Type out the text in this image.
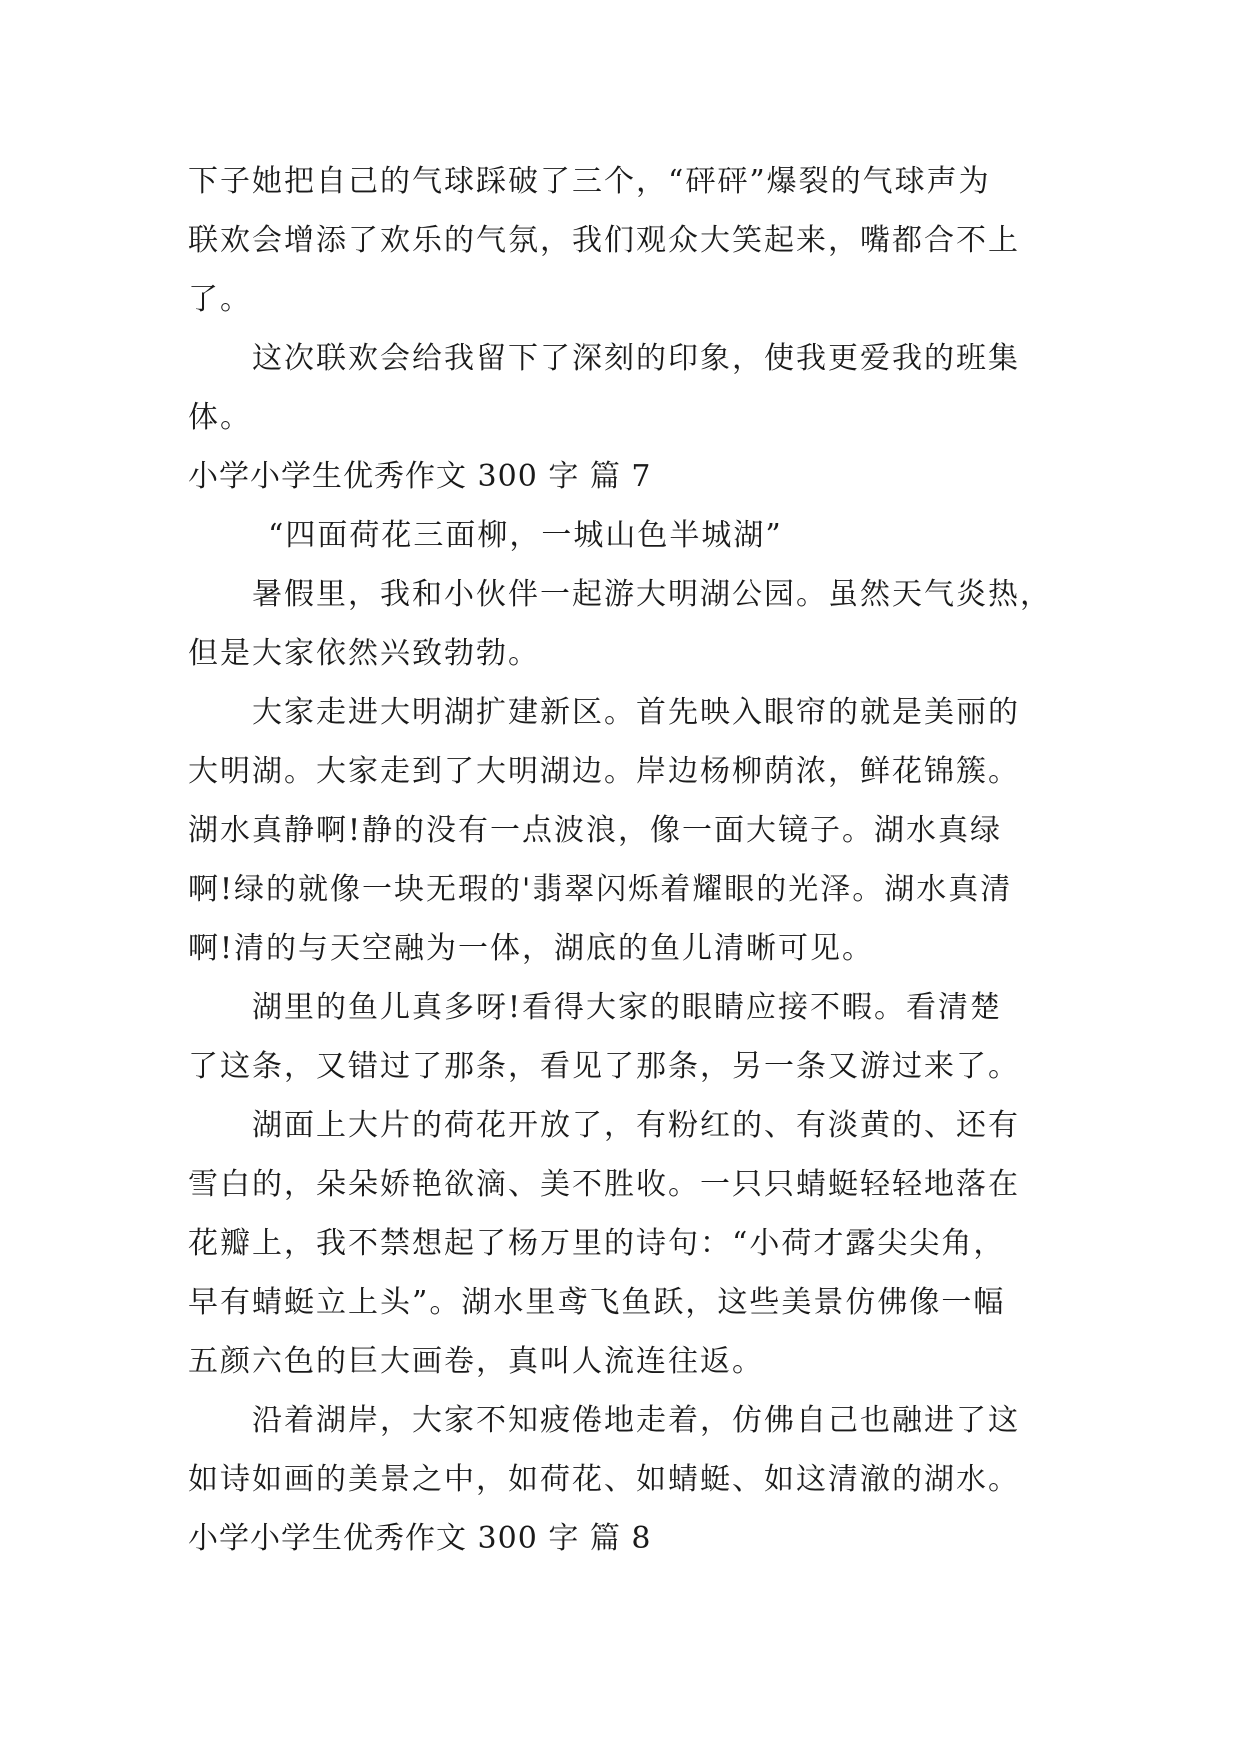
下子她把自己的气球踩破了三个，“砰砰”爆裂的气球声为

联欢会增添了欢乐的气氛，我们观众大笑起来，嘴都合不上

了。

这次联欢会给我留下了深刻的印象，使我更爱我的班集

体。

小学小学生优秀作文 300 字 篇 7

“四面荷花三面柳，一城山色半城湖”

暑假里，我和小伙伴一起游大明湖公园。虽然天气炎热，

但是大家依然兴致勃勃。

大家走进大明湖扩建新区。首先映入眼帘的就是美丽的

大明湖。大家走到了大明湖边。岸边杨柳荫浓，鲜花锦簇。

湖水真静啊!静的没有一点波浪，像一面大镜子。湖水真绿

啊!绿的就像一块无瑕的'翡翠闪烁着耀眼的光泽。湖水真清

啊!清的与天空融为一体，湖底的鱼儿清晰可见。

湖里的鱼儿真多呀!看得大家的眼睛应接不暇。看清楚

了这条，又错过了那条，看见了那条，另一条又游过来了。

湖面上大片的荷花开放了，有粉红的、有淡黄的、还有

雪白的，朵朵娇艳欲滴、美不胜收。一只只蜻蜓轻轻地落在

花瓣上，我不禁想起了杨万里的诗句：“小荷才露尖尖角，

早有蜻蜓立上头”。湖水里鸢飞鱼跃，这些美景仿佛像一幅

五颜六色的巨大画卷，真叫人流连往返。

沿着湖岸，大家不知疲倦地走着，仿佛自己也融进了这

如诗如画的美景之中，如荷花、如蜻蜓、如这清澈的湖水。

小学小学生优秀作文 300 字 篇 8
